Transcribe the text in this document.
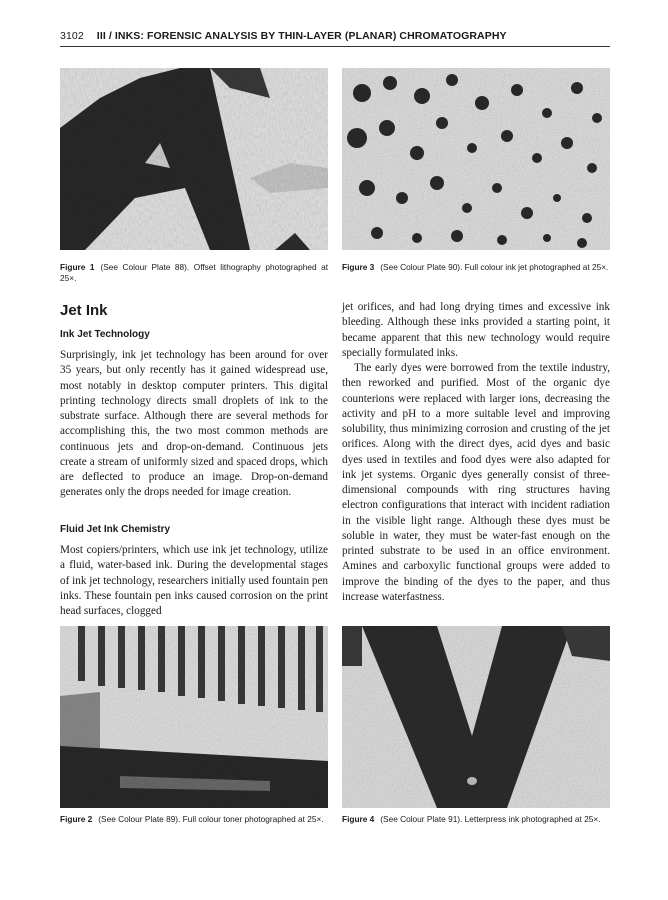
3102 III / INKS: FORENSIC ANALYSIS BY THIN-LAYER (PLANAR) CHROMATOGRAPHY
Figure 1 (See Colour Plate 88). Offset lithography photographed at 25×.
Figure 3 (See Colour Plate 90). Full colour ink jet photographed at 25×.
Jet Ink
Ink Jet Technology
Surprisingly, ink jet technology has been around for over 35 years, but only recently has it gained widespread use, most notably in desktop computer printers. This digital printing technology directs small droplets of ink to the substrate surface. Although there are several methods for accomplishing this, the two most common methods are continuous jets and drop-on-demand. Continuous jets create a stream of uniformly sized and spaced drops, which are deflected to produce an image. Drop-on-demand generates only the drops needed for image creation.
Fluid Jet Ink Chemistry
Most copiers/printers, which use ink jet technology, utilize a fluid, water-based ink. During the developmental stages of ink jet technology, researchers initially used fountain pen inks. These fountain pen inks caused corrosion on the print head surfaces, clogged
jet orifices, and had long drying times and excessive ink bleeding. Although these inks provided a starting point, it became apparent that this new technology would require specially formulated inks.
The early dyes were borrowed from the textile industry, then reworked and purified. Most of the organic dye counterions were replaced with larger ions, decreasing the activity and pH to a more suitable level and improving solubility, thus minimizing corrosion and crusting of the jet orifices. Along with the direct dyes, acid dyes and basic dyes used in textiles and food dyes were also adapted for ink jet systems. Organic dyes generally consist of three-dimensional compounds with ring structures having electron configurations that interact with incident radiation in the visible light range. Although these dyes must be soluble in water, they must be water-fast enough on the printed substrate to be used in an office environment. Amines and carboxylic functional groups were added to improve the binding of the dyes to the paper, and thus increase waterfastness.
Figure 2 (See Colour Plate 89). Full colour toner photographed at 25×.	Figure 4 (See Colour Plate 91). Letterpress ink photographed at 25×.
